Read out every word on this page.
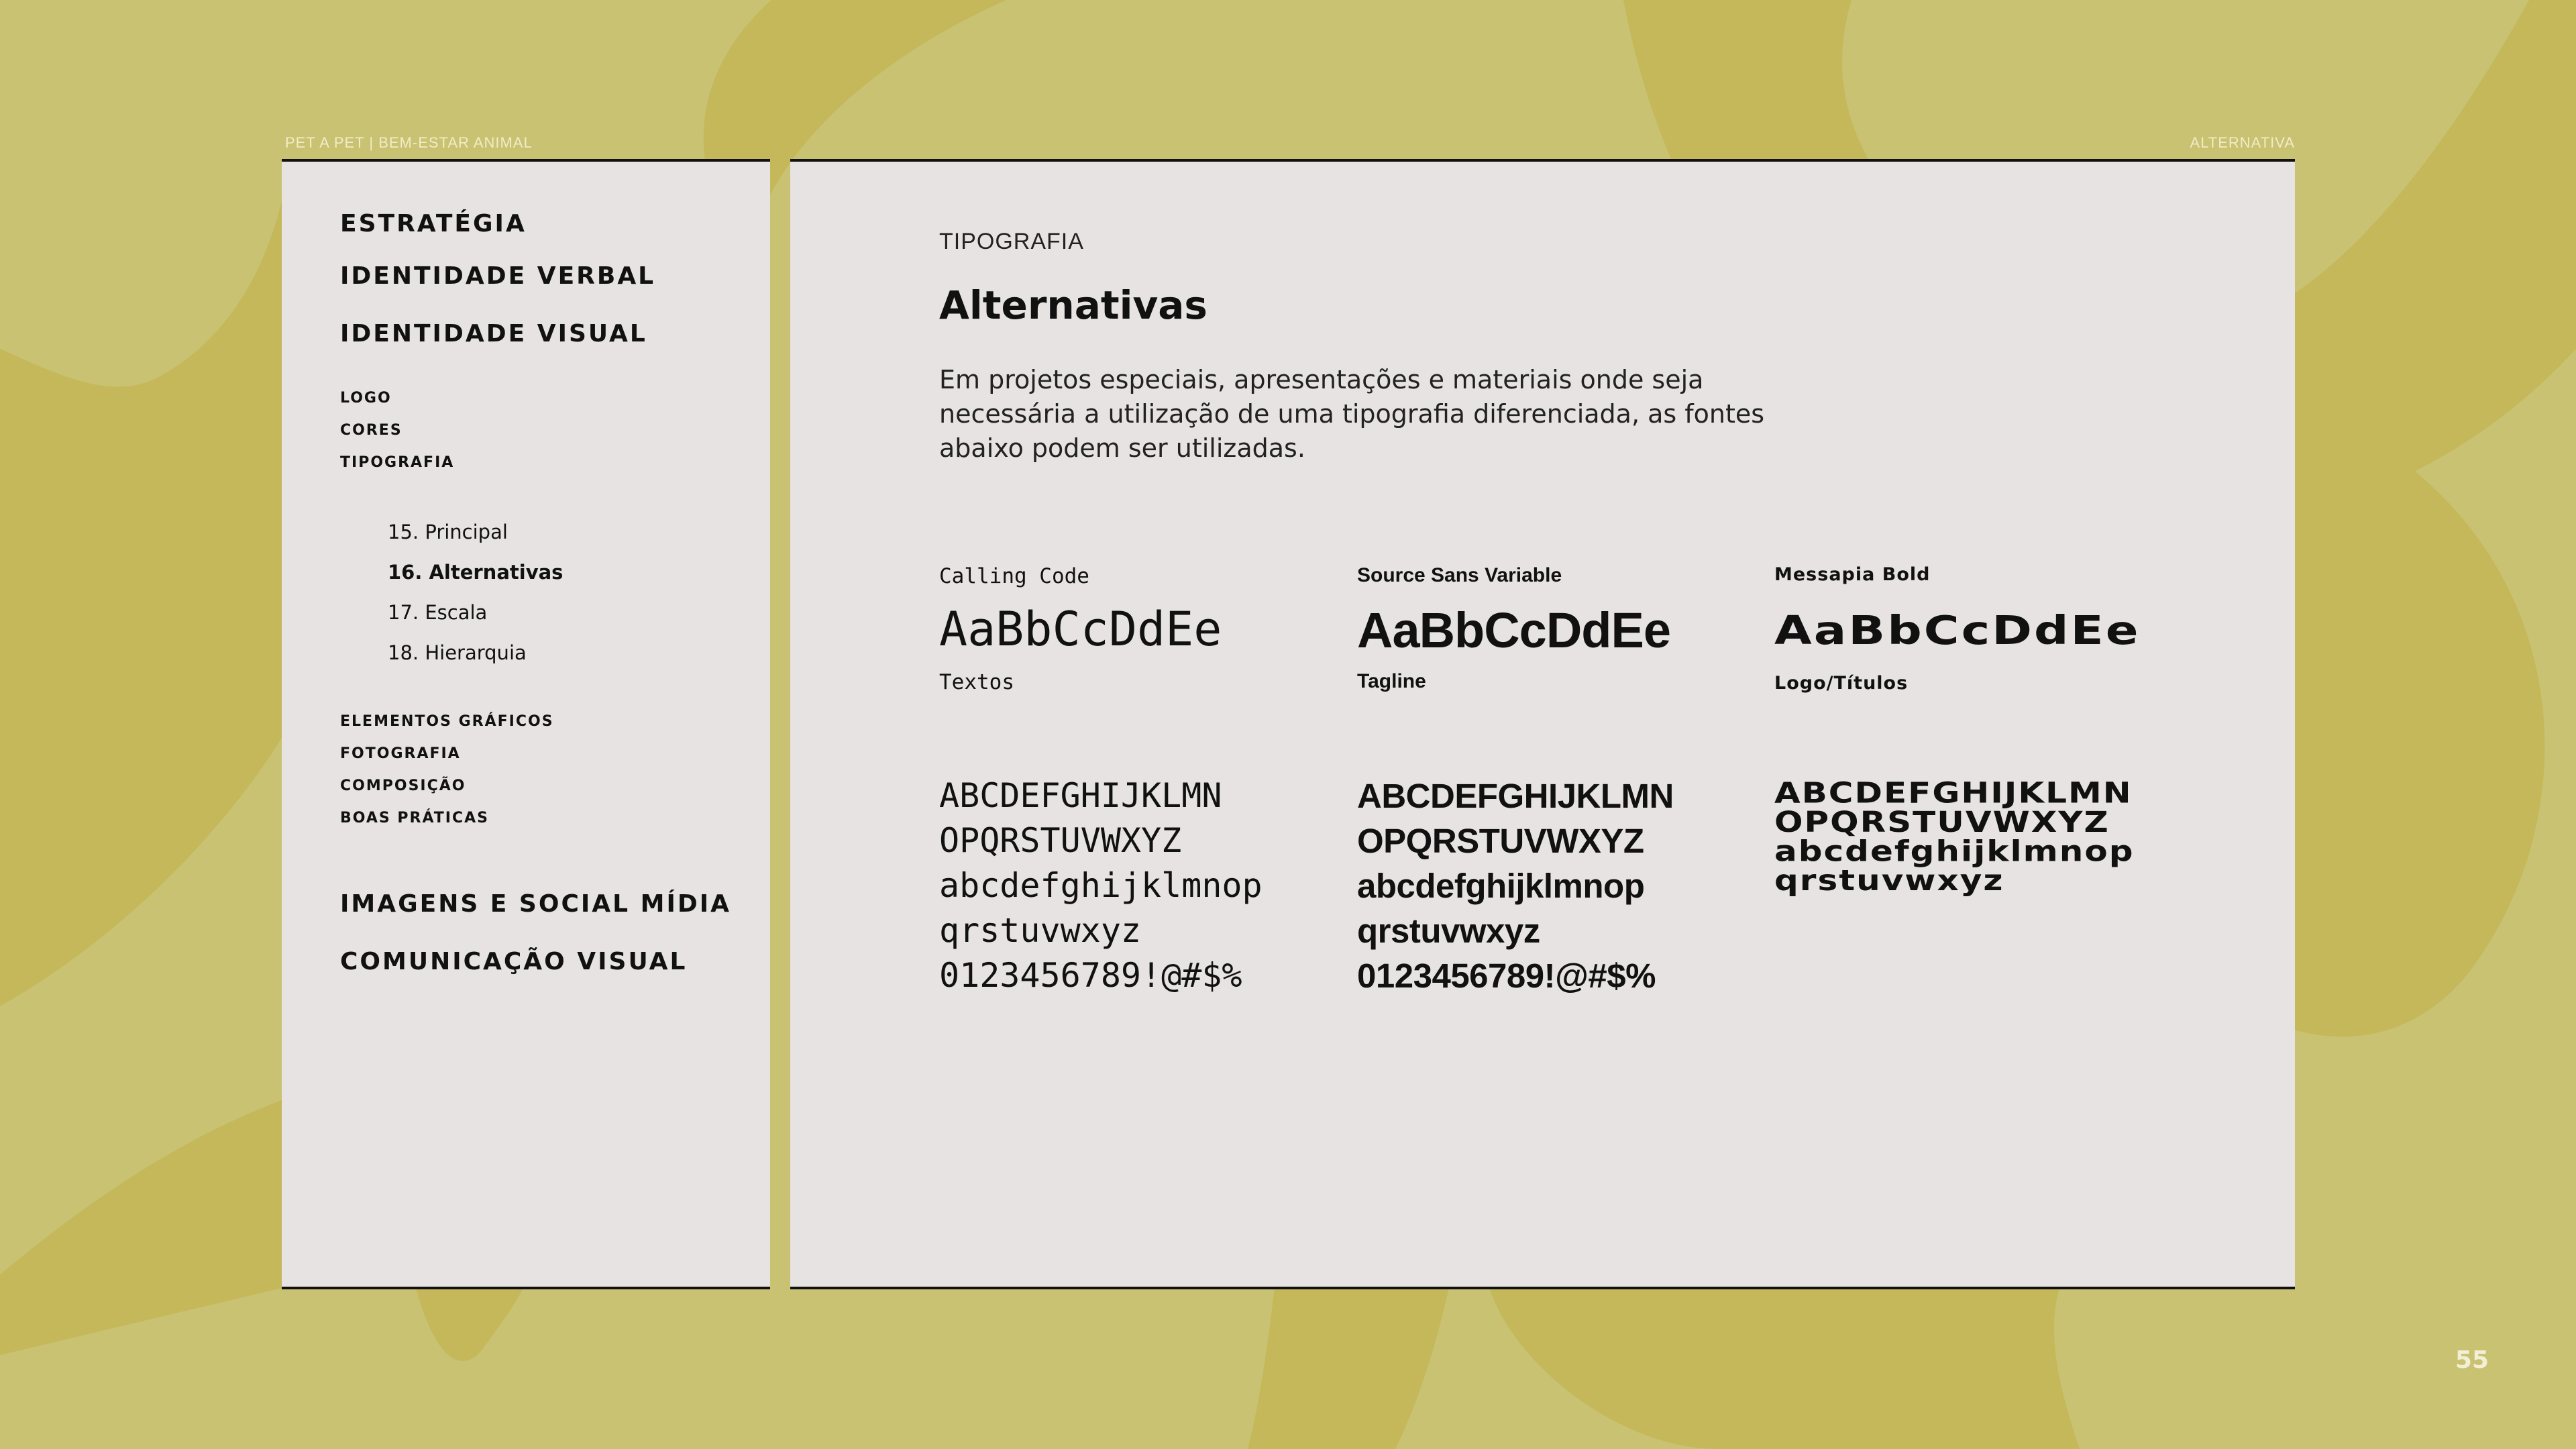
PET A PET | BEM-ESTAR ANIMAL	ALTERNATIVA
ESTRATÉGIA
IDENTIDADE VERBAL
IDENTIDADE VISUAL
LOGO
CORES
TIPOGRAFIA
15. Principal
16. Alternativas
17. Escala
18. Hierarquia
ELEMENTOS GRÁFICOS
FOTOGRAFIA
COMPOSIÇÃO
BOAS PRÁTICAS
IMAGENS E SOCIAL MÍDIA
COMUNICAÇÃO VISUAL
TIPOGRAFIA
Alternativas

Em projetos especiais, apresentações e materiais onde seja necessária a utilização de uma tipografia diferenciada, as fontes abaixo podem ser utilizadas.

Calling Code
AaBbCcDdEe
Textos
ABCDEFGHIJKLMN
OPQRSTUVWXYZ
abcdefghijklmnop
qrstuvwxyz
0123456789!@#$%
Source Sans Variable
AaBbCcDdEe
Tagline
ABCDEFGHIJKLMN
OPQRSTUVWXYZ
abcdefghijklmnop
qrstuvwxyz
0123456789!@#$%
Messapia Bold
AaBbCcDdEe
Logo/Títulos
ABCDEFGHIJKLMN
OPQRSTUVWXYZ
abcdefghijklmnop
qrstuvwxyz
55
